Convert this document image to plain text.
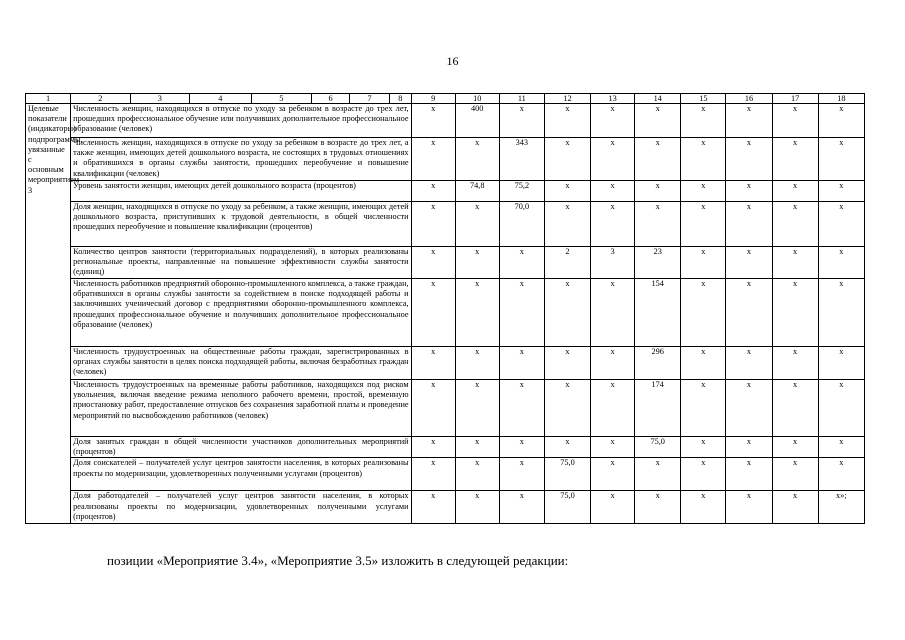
16
1	2	3	4	5	6	7	8	9	10	11	12	13	14	15	16	17	18
Целевые показатели (индикаторы) подпрограммы, увязанные с основным мероприятием 3	Численность женщин, находящихся в отпуске по уходу за ребенком в возрасте до трех лет, прошедших профессиональное обучение или получивших дополнительное профессиональное образование (человек)							х	400	х	х	х	х	х	х	х	х
	Численность женщин, находящихся в отпуске по уходу за ребенком в возрасте до трех лет, а также женщин, имеющих детей дошкольного возраста, не состоящих в трудовых отношениях и обратившихся в органы службы занятости, прошедших переобучение и повышение квалификации (человек)							х	х	343	х	х	х	х	х	х	х
	Уровень занятости женщин, имеющих детей дошкольного возраста (процентов)							х	74,8	75,2	х	х	х	х	х	х	х
	Доля женщин, находящихся в отпуске по уходу за ребенком, а также женщин, имеющих детей дошкольного возраста, приступивших к трудовой деятельности, в общей численности прошедших переобучение и повышение квалификации (процентов)							х	х	70,0	х	х	х	х	х	х	х
	Количество центров занятости (территориальных подразделений), в которых реализованы региональные проекты, направленные на повышение эффективности службы занятости (единиц)							х	х	х	2	3	23	х	х	х	х
	Численность работников предприятий оборонно-промышленного комплекса, а также граждан, обратившихся в органы службы занятости за содействием в поиске подходящей работы и заключивших ученический договор с предприятиями оборонно-промышленного комплекса, прошедших профессиональное обучение и получивших дополнительное профессиональное образование (человек)							х	х	х	х	х	154	х	х	х	х
	Численность трудоустроенных на общественные работы граждан, зарегистрированных в органах службы занятости в целях поиска подходящей работы, включая безработных граждан (человек)							х	х	х	х	х	296	х	х	х	х
	Численность трудоустроенных на временные работы работников, находящихся под риском увольнения, включая введение режима неполного рабочего времени, простой, временную приостановку работ, предоставление отпусков без сохранения заработной платы и проведение мероприятий по высвобождению работников (человек)							х	х	х	х	х	174	х	х	х	х
	Доля занятых граждан в общей численности участников дополнительных мероприятий (процентов)							х	х	х	х	х	75,0	х	х	х	х
	Доля соискателей – получателей услуг центров занятости населения, в которых реализованы проекты по модернизации, удовлетворенных полученными услугами (процентов)							х	х	х	75,0	х	х	х	х	х	х
	Доля работодателей – получателей услуг центров занятости населения, в которых реализованы проекты по модернизации, удовлетворенных полученными услугами (процентов)							х	х	х	75,0	х	х	х	х	х	х»;
позиции «Мероприятие 3.4», «Мероприятие 3.5» изложить в следующей редакции:
